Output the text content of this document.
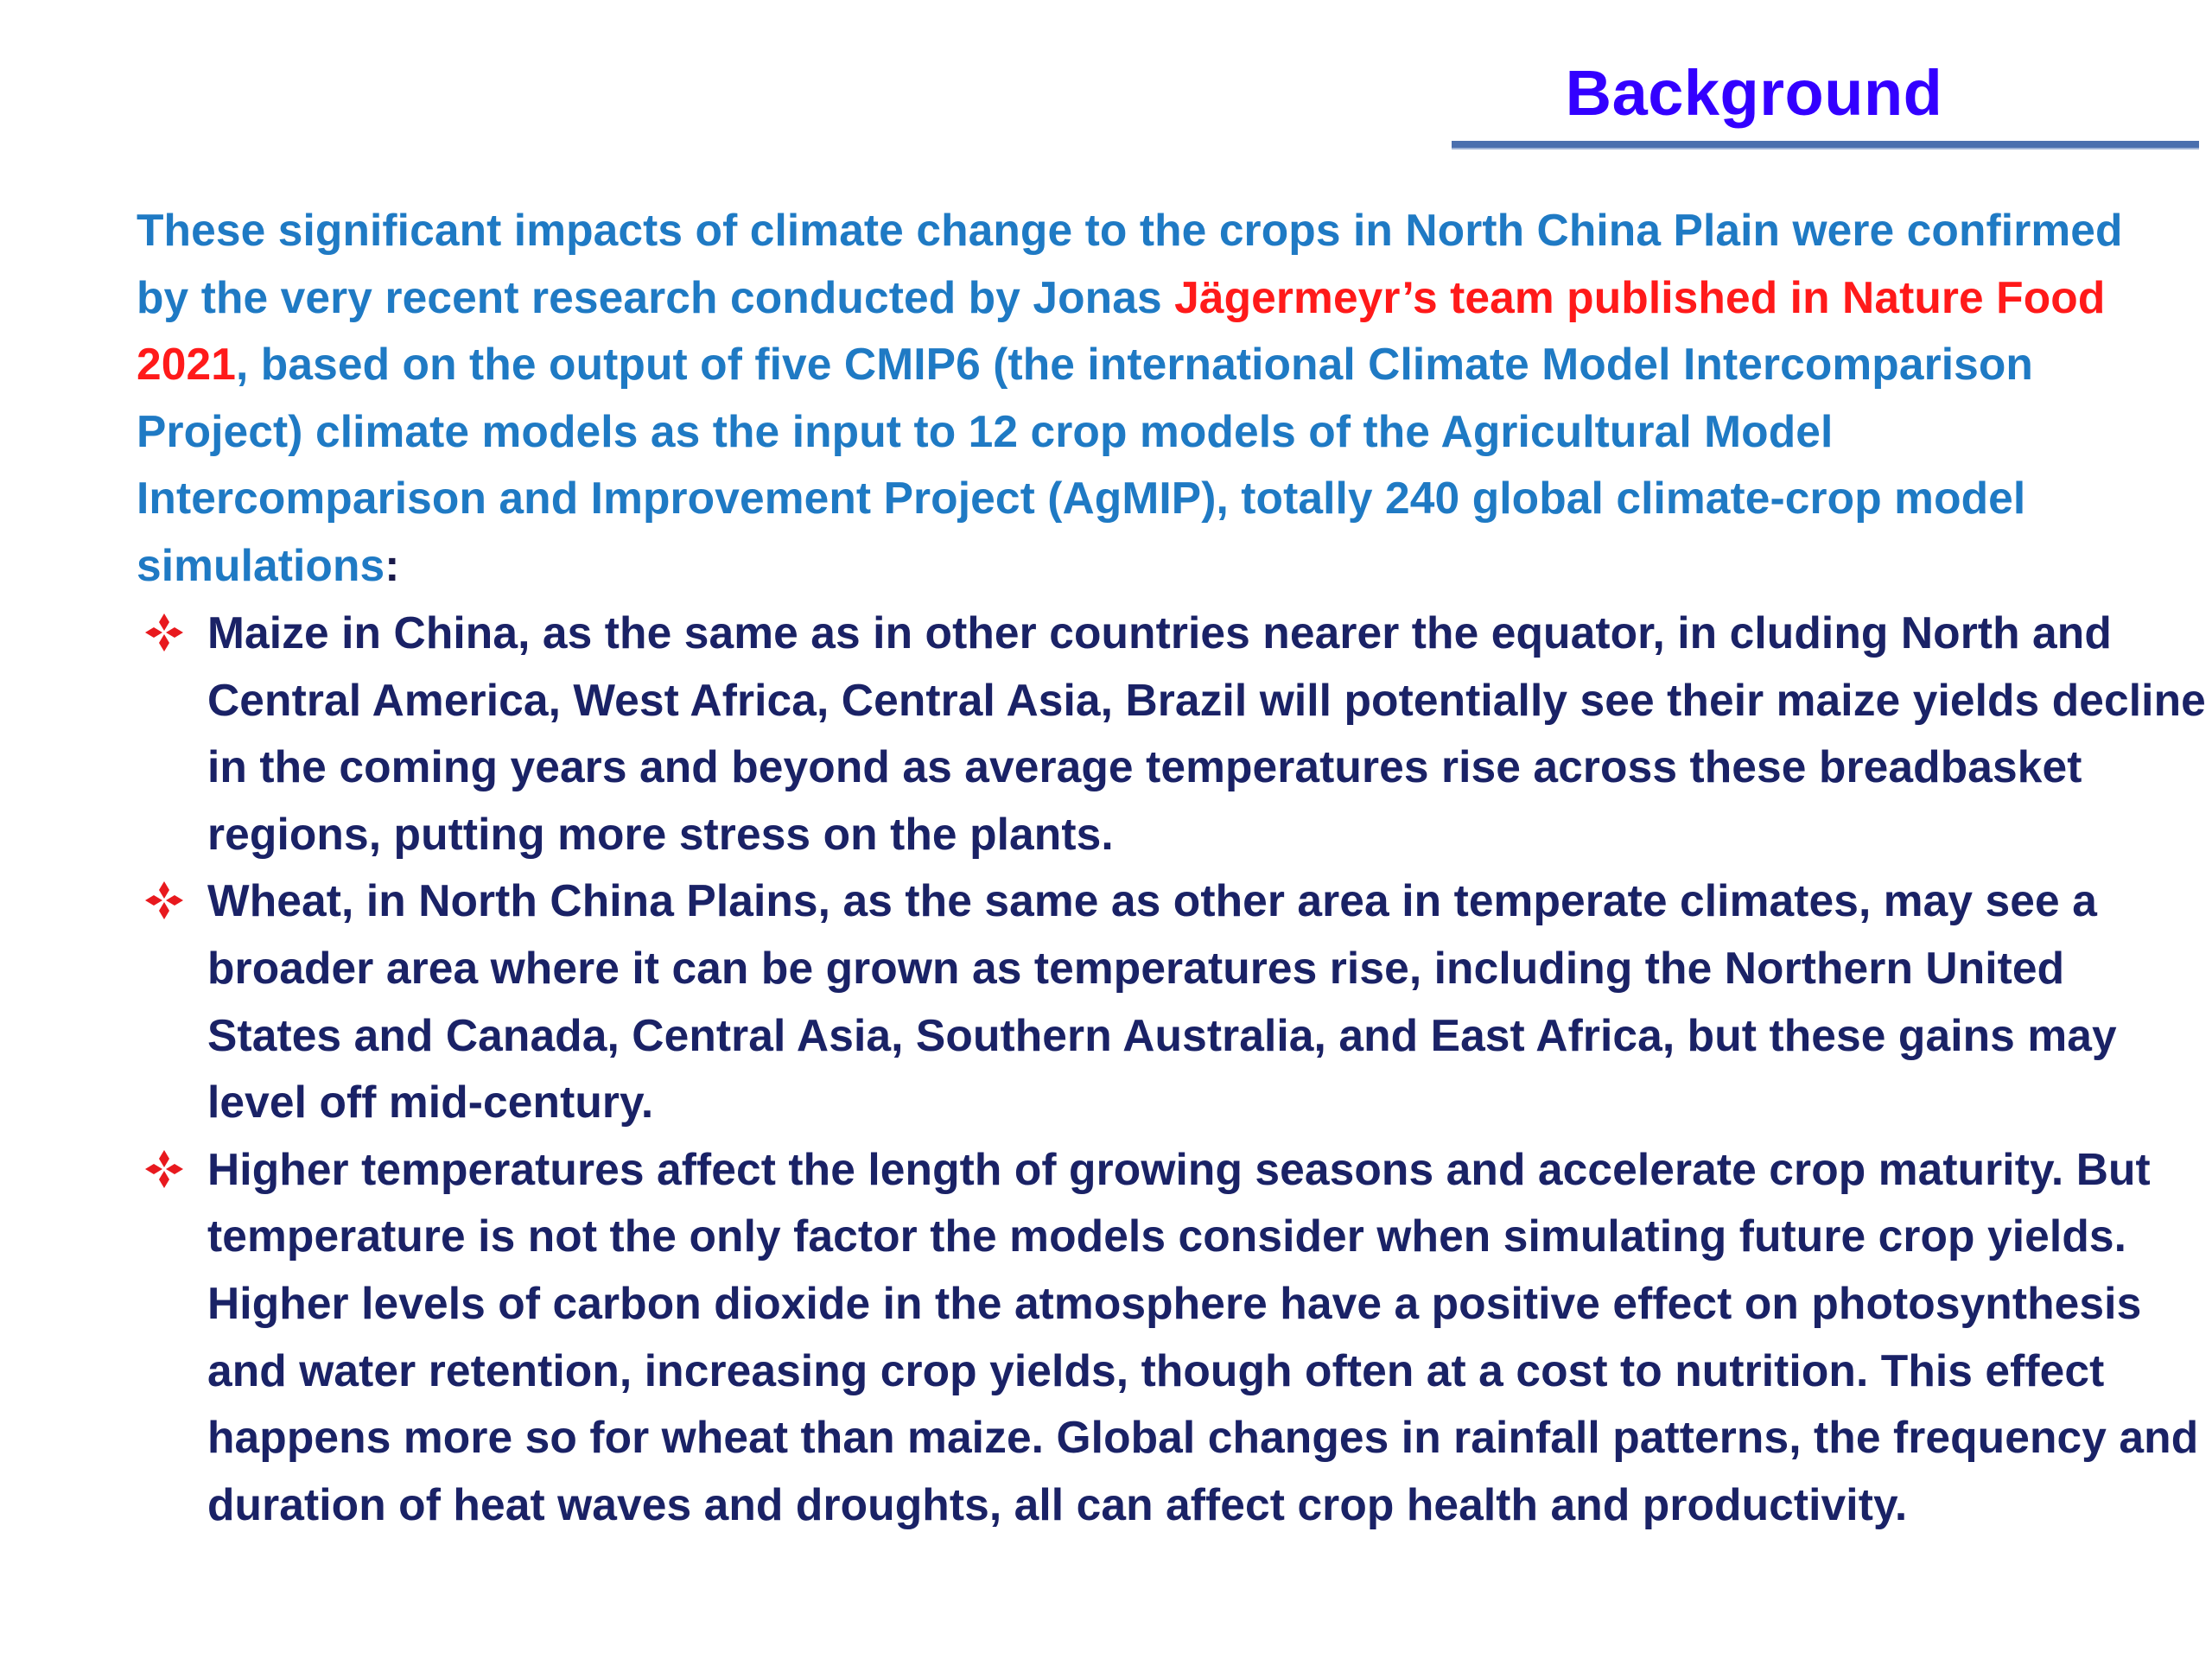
Background

These significant impacts of climate change to the crops in North China Plain were confirmed by the very recent research conducted by Jonas Jägermeyr’s team published in Nature Food 2021, based on the output of five CMIP6 (the international Climate Model Intercomparison Project) climate models as the input to 12 crop models of the Agricultural Model Intercomparison and Improvement Project (AgMIP), totally 240 global climate-crop model simulations:

Maize in China, as the same as in other countries nearer the equator, in cluding North and Central America, West Africa, Central Asia, Brazil will potentially see their maize yields decline in the coming years and beyond as average temperatures rise across these breadbasket regions, putting more stress on the plants.
Wheat, in North China Plains, as the same as other area in temperate climates, may see a broader area where it can be grown as temperatures rise, including the Northern United States and Canada, Central Asia, Southern Australia, and East Africa, but these gains may level off mid-century.
Higher temperatures affect the length of growing seasons and accelerate crop maturity. But temperature is not the only factor the models consider when simulating future crop yields. Higher levels of carbon dioxide in the atmosphere have a positive effect on photosynthesis and water retention, increasing crop yields, though often at a cost to nutrition. This effect happens more so for wheat than maize. Global changes in rainfall patterns, the frequency and duration of heat waves and droughts, all can affect crop health and productivity.
